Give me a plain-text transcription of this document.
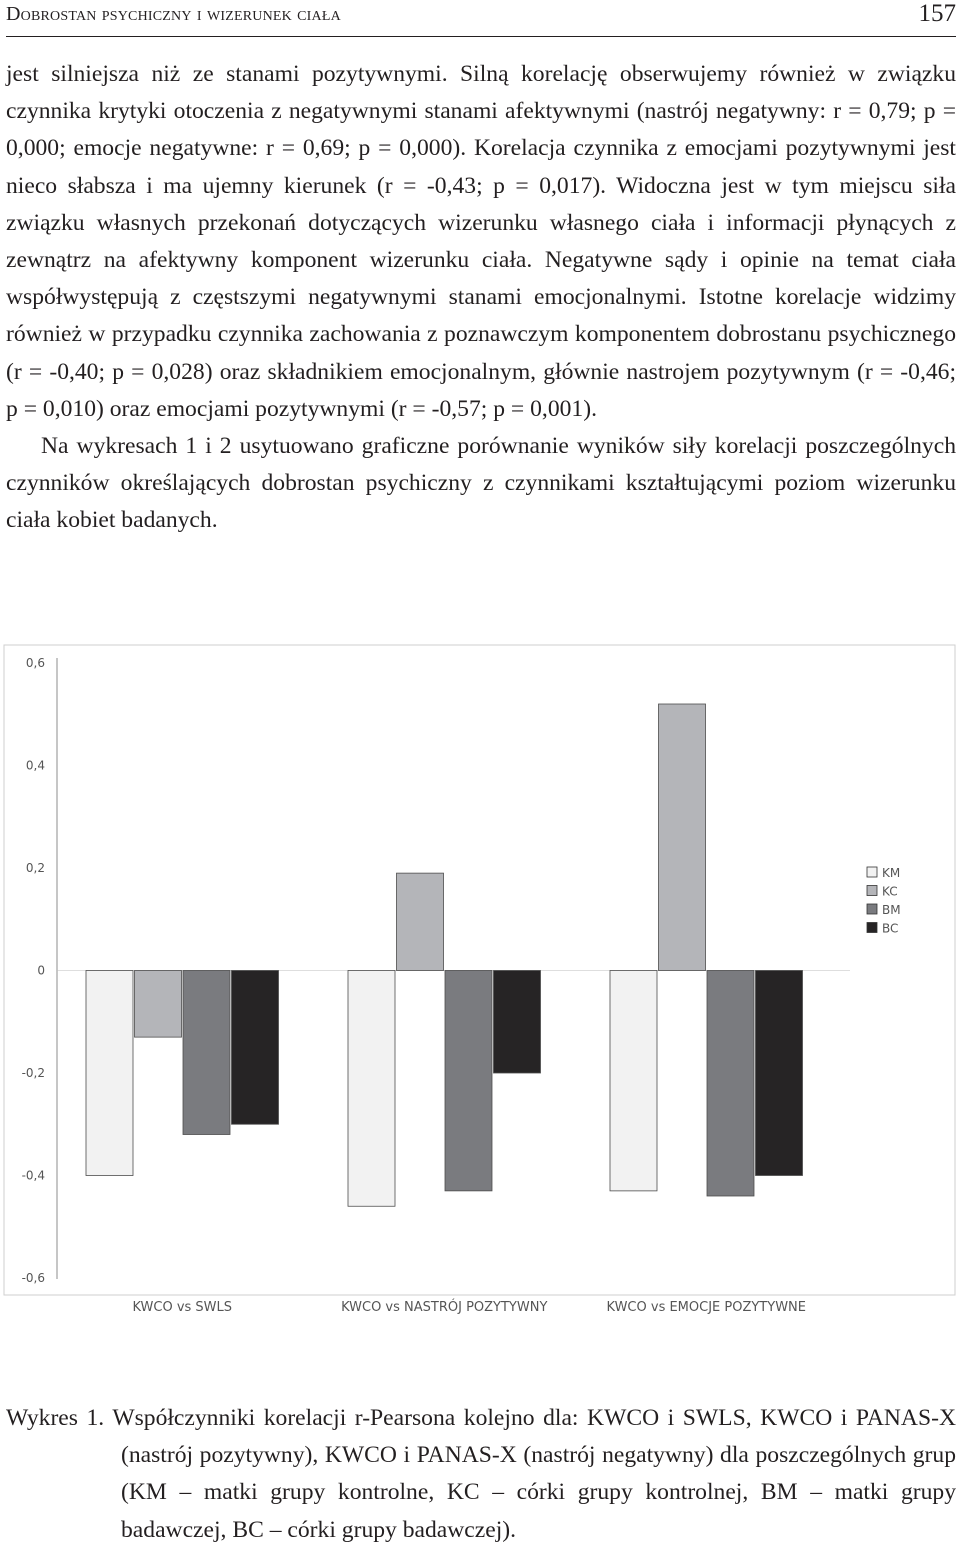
Dobrostan psychiczny i wizerunek ciała	157

jest silniejsza niż ze stanami pozytywnymi. Silną korelację obserwujemy również w związku czynnika krytyki otoczenia z negatywnymi stanami afektywnymi (nastrój negatywny: r = 0,79; p = 0,000; emocje negatywne: r = 0,69; p = 0,000). Korelacja czynnika z emocjami pozytywnymi jest nieco słabsza i ma ujemny kierunek (r = -0,43; p = 0,017). Widoczna jest w tym miejscu siła związku własnych przekonań dotyczących wizerunku własnego ciała i informacji płynących z zewnątrz na afektywny komponent wizerunku ciała. Negatywne sądy i opinie na temat ciała współwystępują z częstszymi negatywnymi stanami emocjonalnymi. Istotne korelacje widzimy również w przypadku czynnika zachowania z poznawczym komponentem dobrostanu psychicznego (r = -0,40; p = 0,028) oraz składnikiem emocjonalnym, głównie nastrojem pozytywnym (r = -0,46; p = 0,010) oraz emocjami pozytywnymi (r = -0,57; p = 0,001).

Na wykresach 1 i 2 usytuowano graficzne porównanie wyników siły korelacji poszczególnych czynników określających dobrostan psychiczny z czynnikami kształtującymi poziom wizerunku ciała kobiet badanych.

0,6
0,4
0,2
0
-0,2
-0,4
-0,6
KWCO vs SWLS	KWCO vs NASTRÓJ POZYTYWNY	KWCO vs EMOCJE POZYTYWNE
KM
KC
BM
BC

Wykres 1. Współczynniki korelacji r-Pearsona kolejno dla: KWCO i SWLS, KWCO i PANAS-X (nastrój pozytywny), KWCO i PANAS-X (nastrój negatywny) dla poszczególnych grup (KM – matki grupy kontrolne, KC – córki grupy kontrolnej, BM – matki grupy badawczej, BC – córki grupy badawczej).
